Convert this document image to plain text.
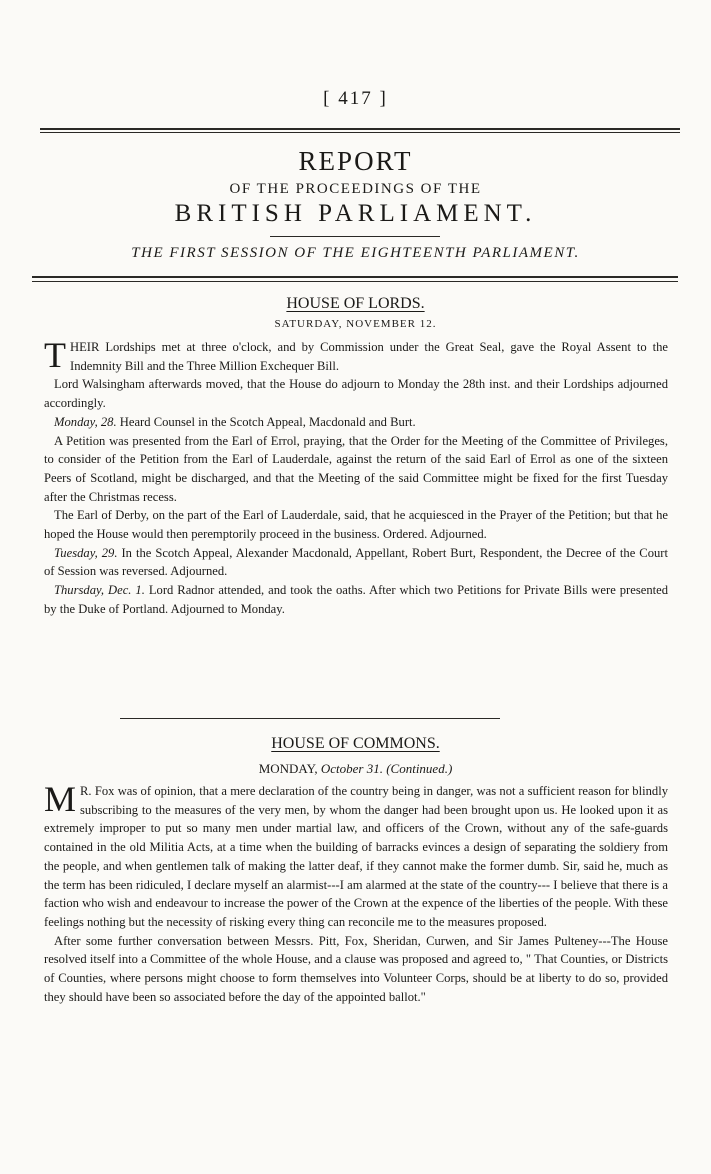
[ 417 ]
REPORT
OF THE PROCEEDINGS OF THE
BRITISH PARLIAMENT.
THE FIRST SESSION OF THE EIGHTEENTH PARLIAMENT.
HOUSE OF LORDS.
SATURDAY, NOVEMBER 12.

THEIR Lordships met at three o'clock, and by Commission under the Great Seal, gave the Royal Assent to the Indemnity Bill and the Three Million Exchequer Bill.

Lord Walsingham afterwards moved, that the House do adjourn to Monday the 28th inst. and their Lordships adjourned accordingly.

Monday, 28. Heard Counsel in the Scotch Appeal, Macdonald and Burt.

A Petition was presented from the Earl of Errol, praying, that the Order for the Meeting of the Committee of Privileges, to consider of the Petition from the Earl of Lauderdale, against the return of the said Earl of Errol as one of the sixteen Peers of Scotland, might be discharged, and that the Meeting of the said Committee might be fixed for the first Tuesday after the Christmas recess.

The Earl of Derby, on the part of the Earl of Lauderdale, said, that he acquiesced in the Prayer of the Petition; but that he hoped the House would then peremptorily proceed in the business. Ordered. Adjourned.

Tuesday, 29. In the Scotch Appeal, Alexander Macdonald, Appellant, Robert Burt, Respondent, the Decree of the Court of Session was reversed. Adjourned.

Thursday, Dec. 1. Lord Radnor attended, and took the oaths. After which two Petitions for Private Bills were presented by the Duke of Portland. Adjourned to Monday.

HOUSE OF COMMONS.
MONDAY, October 31. (Continued.)

M R. Fox was of opinion, that a mere declaration of the country being in danger, was not a sufficient reason for blindly subscribing to the measures of the very men, by whom the danger had been brought upon us. He looked upon it as extremely improper to put so many men under martial law, and officers of the Crown, without any of the safe-guards contained in the old Militia Acts, at a time when the building of barracks evinces a design of separating the soldiery from the people, and when gentlemen talk of making the latter deaf, if they cannot make the former dumb. Sir, said he, much as the term has been ridiculed, I declare myself an alarmist---I am alarmed at the state of the country--- I believe that there is a faction who wish and endeavour to increase the power of the Crown at the expence of the liberties of the people. With these feelings nothing but the necessity of risking every thing can reconcile me to the measures proposed.

After some further conversation between Messrs. Pitt, Fox, Sheridan, Curwen, and Sir James Pulteney---The House resolved itself into a Committee of the whole House, and a clause was proposed and agreed to, " That Counties, or Districts of Counties, where persons might choose to form themselves into Volunteer Corps, should be at liberty to do so, provided they should have been so associated before the day of the appointed ballot."
